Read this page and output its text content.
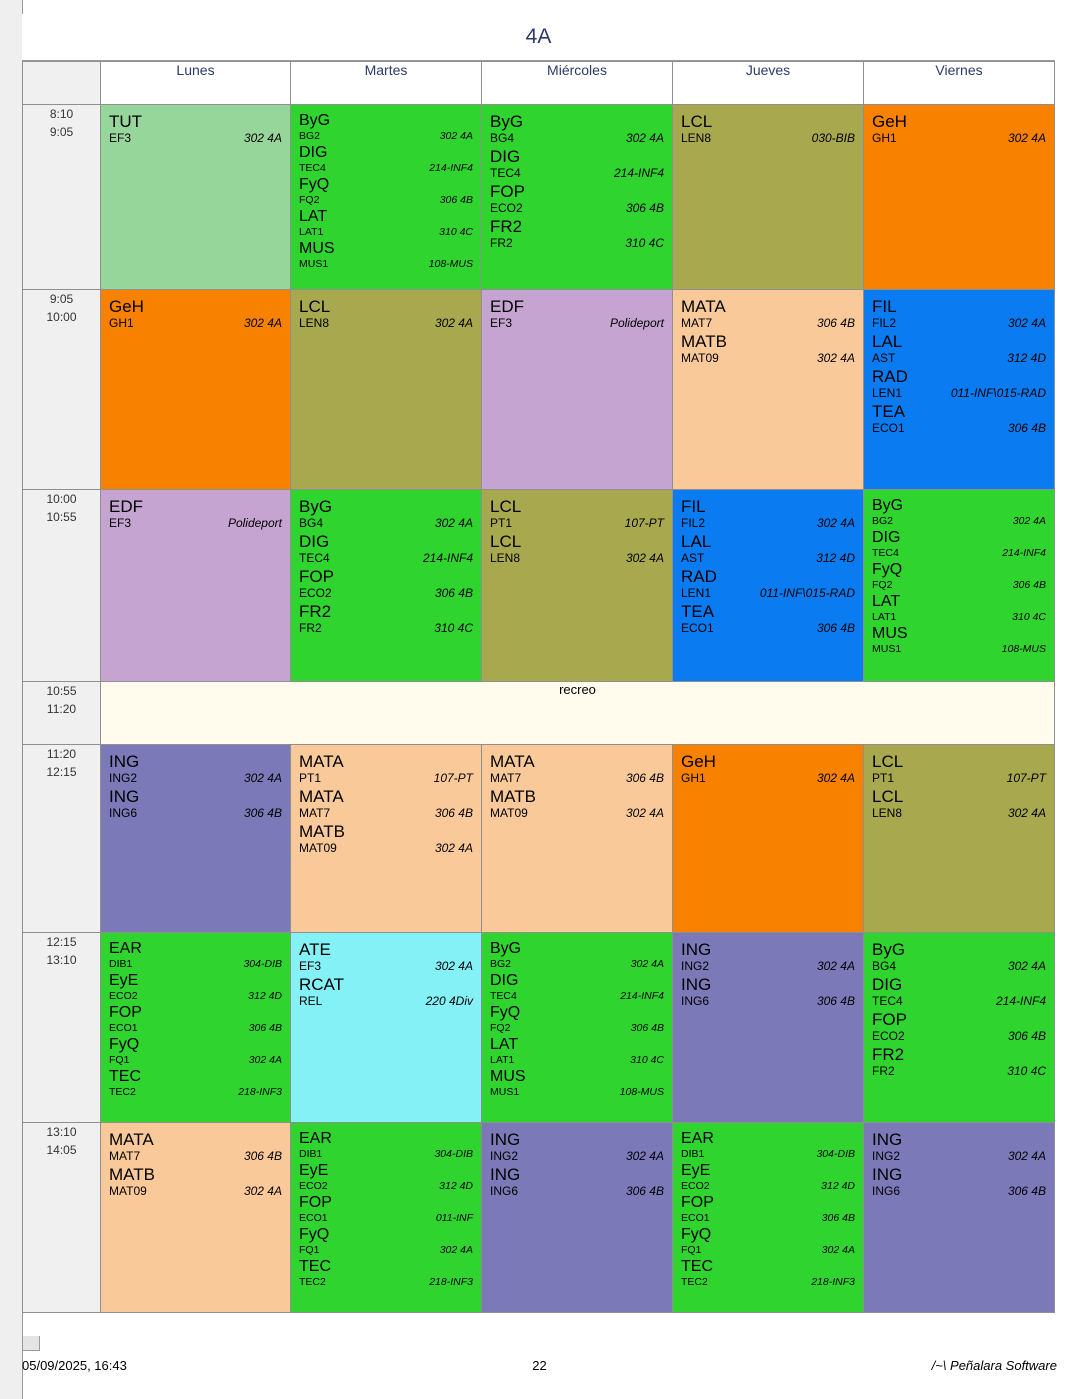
4A
	Lunes	Martes	Miércoles	Jueves	Viernes

8:10
9:05

TUT
EF3	302 4A

ByG
BG2	302 4A
DIG
TEC4	214-INF4
FyQ
FQ2	306 4B
LAT
LAT1	310 4C
MUS
MUS1	108-MUS

ByG
BG4	302 4A
DIG
TEC4	214-INF4
FOP
ECO2	306 4B
FR2
FR2	310 4C

LCL
LEN8	030-BIB

GeH
GH1	302 4A

9:05
10:00

GeH
GH1	302 4A

LCL
LEN8	302 4A

EDF
EF3	Polideport

MATA
MAT7	306 4B
MATB
MAT09	302 4A

FIL
FIL2	302 4A
LAL
AST	312 4D
RAD
LEN1	011-INF\015-RAD
TEA
ECO1	306 4B

10:00
10:55

EDF
EF3	Polideport

ByG
BG4	302 4A
DIG
TEC4	214-INF4
FOP
ECO2	306 4B
FR2
FR2	310 4C

LCL
PT1	107-PT
LCL
LEN8	302 4A

FIL
FIL2	302 4A
LAL
AST	312 4D
RAD
LEN1	011-INF\015-RAD
TEA
ECO1	306 4B

ByG
BG2	302 4A
DIG
TEC4	214-INF4
FyQ
FQ2	306 4B
LAT
LAT1	310 4C
MUS
MUS1	108-MUS

10:55
11:20	recreo				

11:20
12:15

ING
ING2	302 4A
ING
ING6	306 4B

MATA
PT1	107-PT
MATA
MAT7	306 4B
MATB
MAT09	302 4A

MATA
MAT7	306 4B
MATB
MAT09	302 4A

GeH
GH1	302 4A

LCL
PT1	107-PT
LCL
LEN8	302 4A

12:15
13:10

EAR
DIB1	304-DIB
EyE
ECO2	312 4D
FOP
ECO1	306 4B
FyQ
FQ1	302 4A
TEC
TEC2	218-INF3

ATE
EF3	302 4A
RCAT
REL	220 4Div

ByG
BG2	302 4A
DIG
TEC4	214-INF4
FyQ
FQ2	306 4B
LAT
LAT1	310 4C
MUS
MUS1	108-MUS

ING
ING2	302 4A
ING
ING6	306 4B

ByG
BG4	302 4A
DIG
TEC4	214-INF4
FOP
ECO2	306 4B
FR2
FR2	310 4C

13:10
14:05

MATA
MAT7	306 4B
MATB
MAT09	302 4A

EAR
DIB1	304-DIB
EyE
ECO2	312 4D
FOP
ECO1	011-INF
FyQ
FQ1	302 4A
TEC
TEC2	218-INF3

ING
ING2	302 4A
ING
ING6	306 4B

EAR
DIB1	304-DIB
EyE
ECO2	312 4D
FOP
ECO1	306 4B
FyQ
FQ1	302 4A
TEC
TEC2	218-INF3

ING
ING2	302 4A
ING
ING6	306 4B
05/09/2025, 16:43	22	/~\ Peñalara Software
